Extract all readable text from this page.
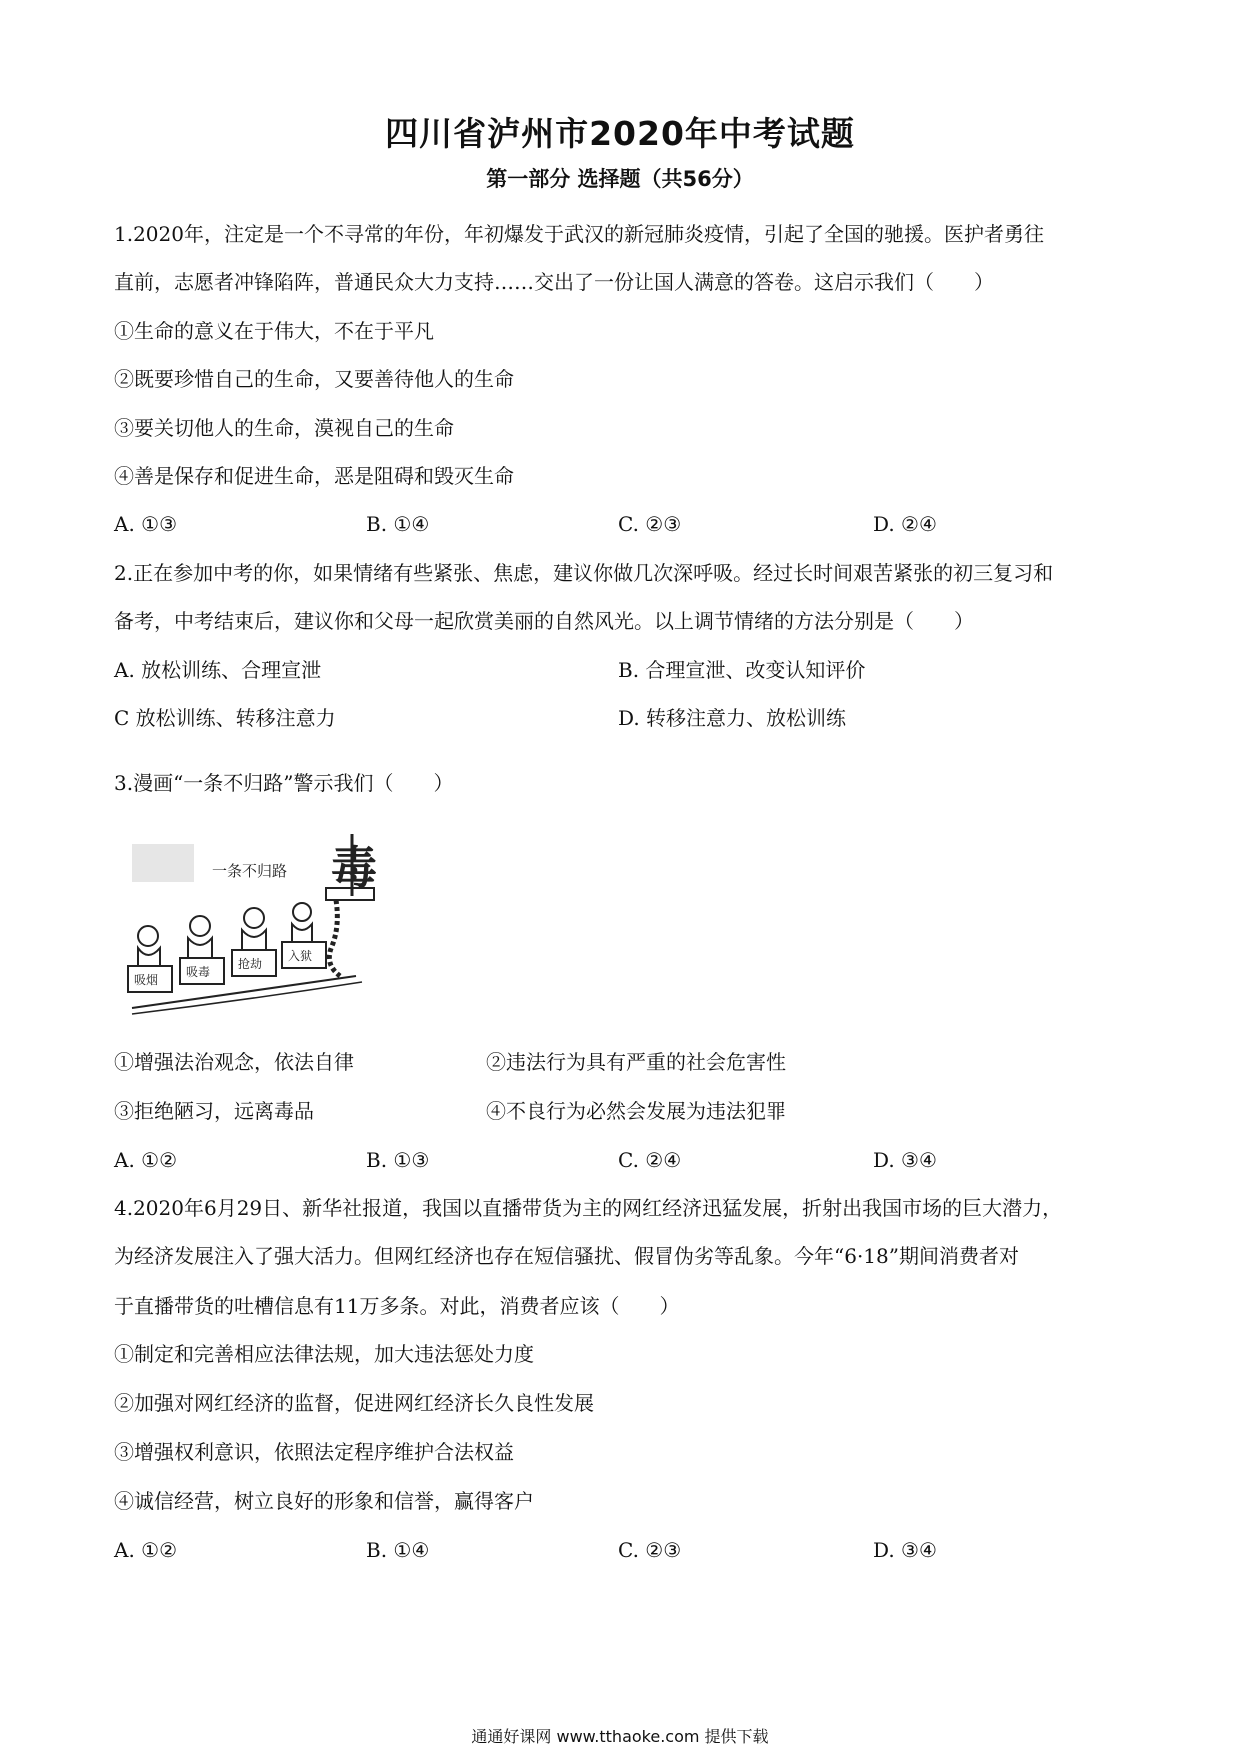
四川省泸州市2020年中考试题
第一部分 选择题（共56分）
1.2020年，注定是一个不寻常的年份，年初爆发于武汉的新冠肺炎疫情，引起了全国的驰援。医护者勇往
直前，志愿者冲锋陷阵，普通民众大力支持……交出了一份让国人满意的答卷。这启示我们（　　）
①生命的意义在于伟大，不在于平凡
②既要珍惜自己的生命，又要善待他人的生命
③要关切他人的生命，漠视自己的生命
④善是保存和促进生命，恶是阻碍和毁灭生命
A. ①③	B. ①④	C. ②③	D. ②④
2.正在参加中考的你，如果情绪有些紧张、焦虑，建议你做几次深呼吸。经过长时间艰苦紧张的初三复习和
备考，中考结束后，建议你和父母一起欣赏美丽的自然风光。以上调节情绪的方法分别是（　　）
A. 放松训练、合理宣泄	B. 合理宣泄、改变认知评价
C 放松训练、转移注意力	D. 转移注意力、放松训练
3.漫画“一条不归路”警示我们（　　）
一条不归路 毒
吸烟
吸毒
抢劫
入狱
①增强法治观念，依法自律	②违法行为具有严重的社会危害性
③拒绝陋习，远离毒品	④不良行为必然会发展为违法犯罪
A. ①②	B. ①③	C. ②④	D. ③④
4.2020年6月29日、新华社报道，我国以直播带货为主的网红经济迅猛发展，折射出我国市场的巨大潜力，
为经济发展注入了强大活力。但网红经济也存在短信骚扰、假冒伪劣等乱象。今年“6·18”期间消费者对
于直播带货的吐槽信息有11万多条。对此，消费者应该（　　）
①制定和完善相应法律法规，加大违法惩处力度
②加强对网红经济的监督，促进网红经济长久良性发展
③增强权利意识，依照法定程序维护合法权益
④诚信经营，树立良好的形象和信誉，赢得客户
A. ①②	B. ①④	C. ②③	D. ③④
通通好课网 www.tthaoke.com 提供下载
